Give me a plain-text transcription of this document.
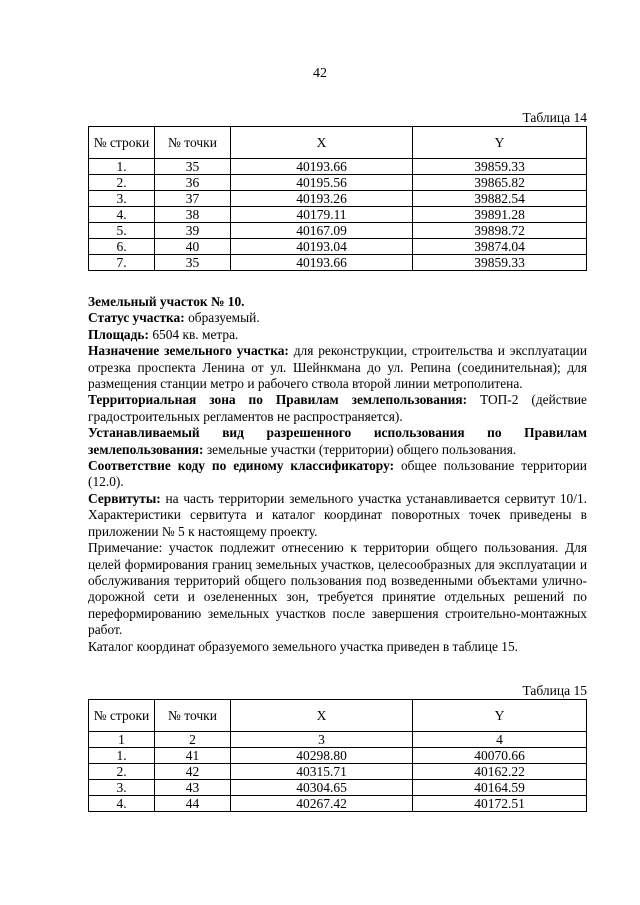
42
Таблица 14
№ строки	№ точки	X	Y
1.	35	40193.66	39859.33
2.	36	40195.56	39865.82
3.	37	40193.26	39882.54
4.	38	40179.11	39891.28
5.	39	40167.09	39898.72
6.	40	40193.04	39874.04
7.	35	40193.66	39859.33

Земельный участок № 10.

Статус участка: образуемый.

Площадь: 6504 кв. метра.

Назначение земельного участка: для реконструкции, строительства и эксплуатации отрезка проспекта Ленина от ул. Шейнкмана до ул. Репина (соединительная); для размещения станции метро и рабочего ствола второй линии метрополитена.

Территориальная зона по Правилам землепользования: ТОП-2 (действие градостроительных регламентов не распространяется).

Устанавливаемый вид разрешенного использования по Правилам землепользования: земельные участки (территории) общего пользования.

Соответствие коду по единому классификатору: общее пользование территории (12.0).

Сервитуты: на часть территории земельного участка устанавливается сервитут 10/1. Характеристики сервитута и каталог координат поворотных точек приведены в приложении № 5 к настоящему проекту.

Примечание: участок подлежит отнесению к территории общего пользования. Для целей формирования границ земельных участков, целесообразных для эксплуатации и обслуживания территорий общего пользования под возведенными объектами улично-дорожной сети и озелененных зон, требуется принятие отдельных решений по переформированию земельных участков после завершения строительно-монтажных работ.

Каталог координат образуемого земельного участка приведен в таблице 15.

Таблица 15
№ строки	№ точки	X	Y
1	2	3	4
1.	41	40298.80	40070.66
2.	42	40315.71	40162.22
3.	43	40304.65	40164.59
4.	44	40267.42	40172.51
